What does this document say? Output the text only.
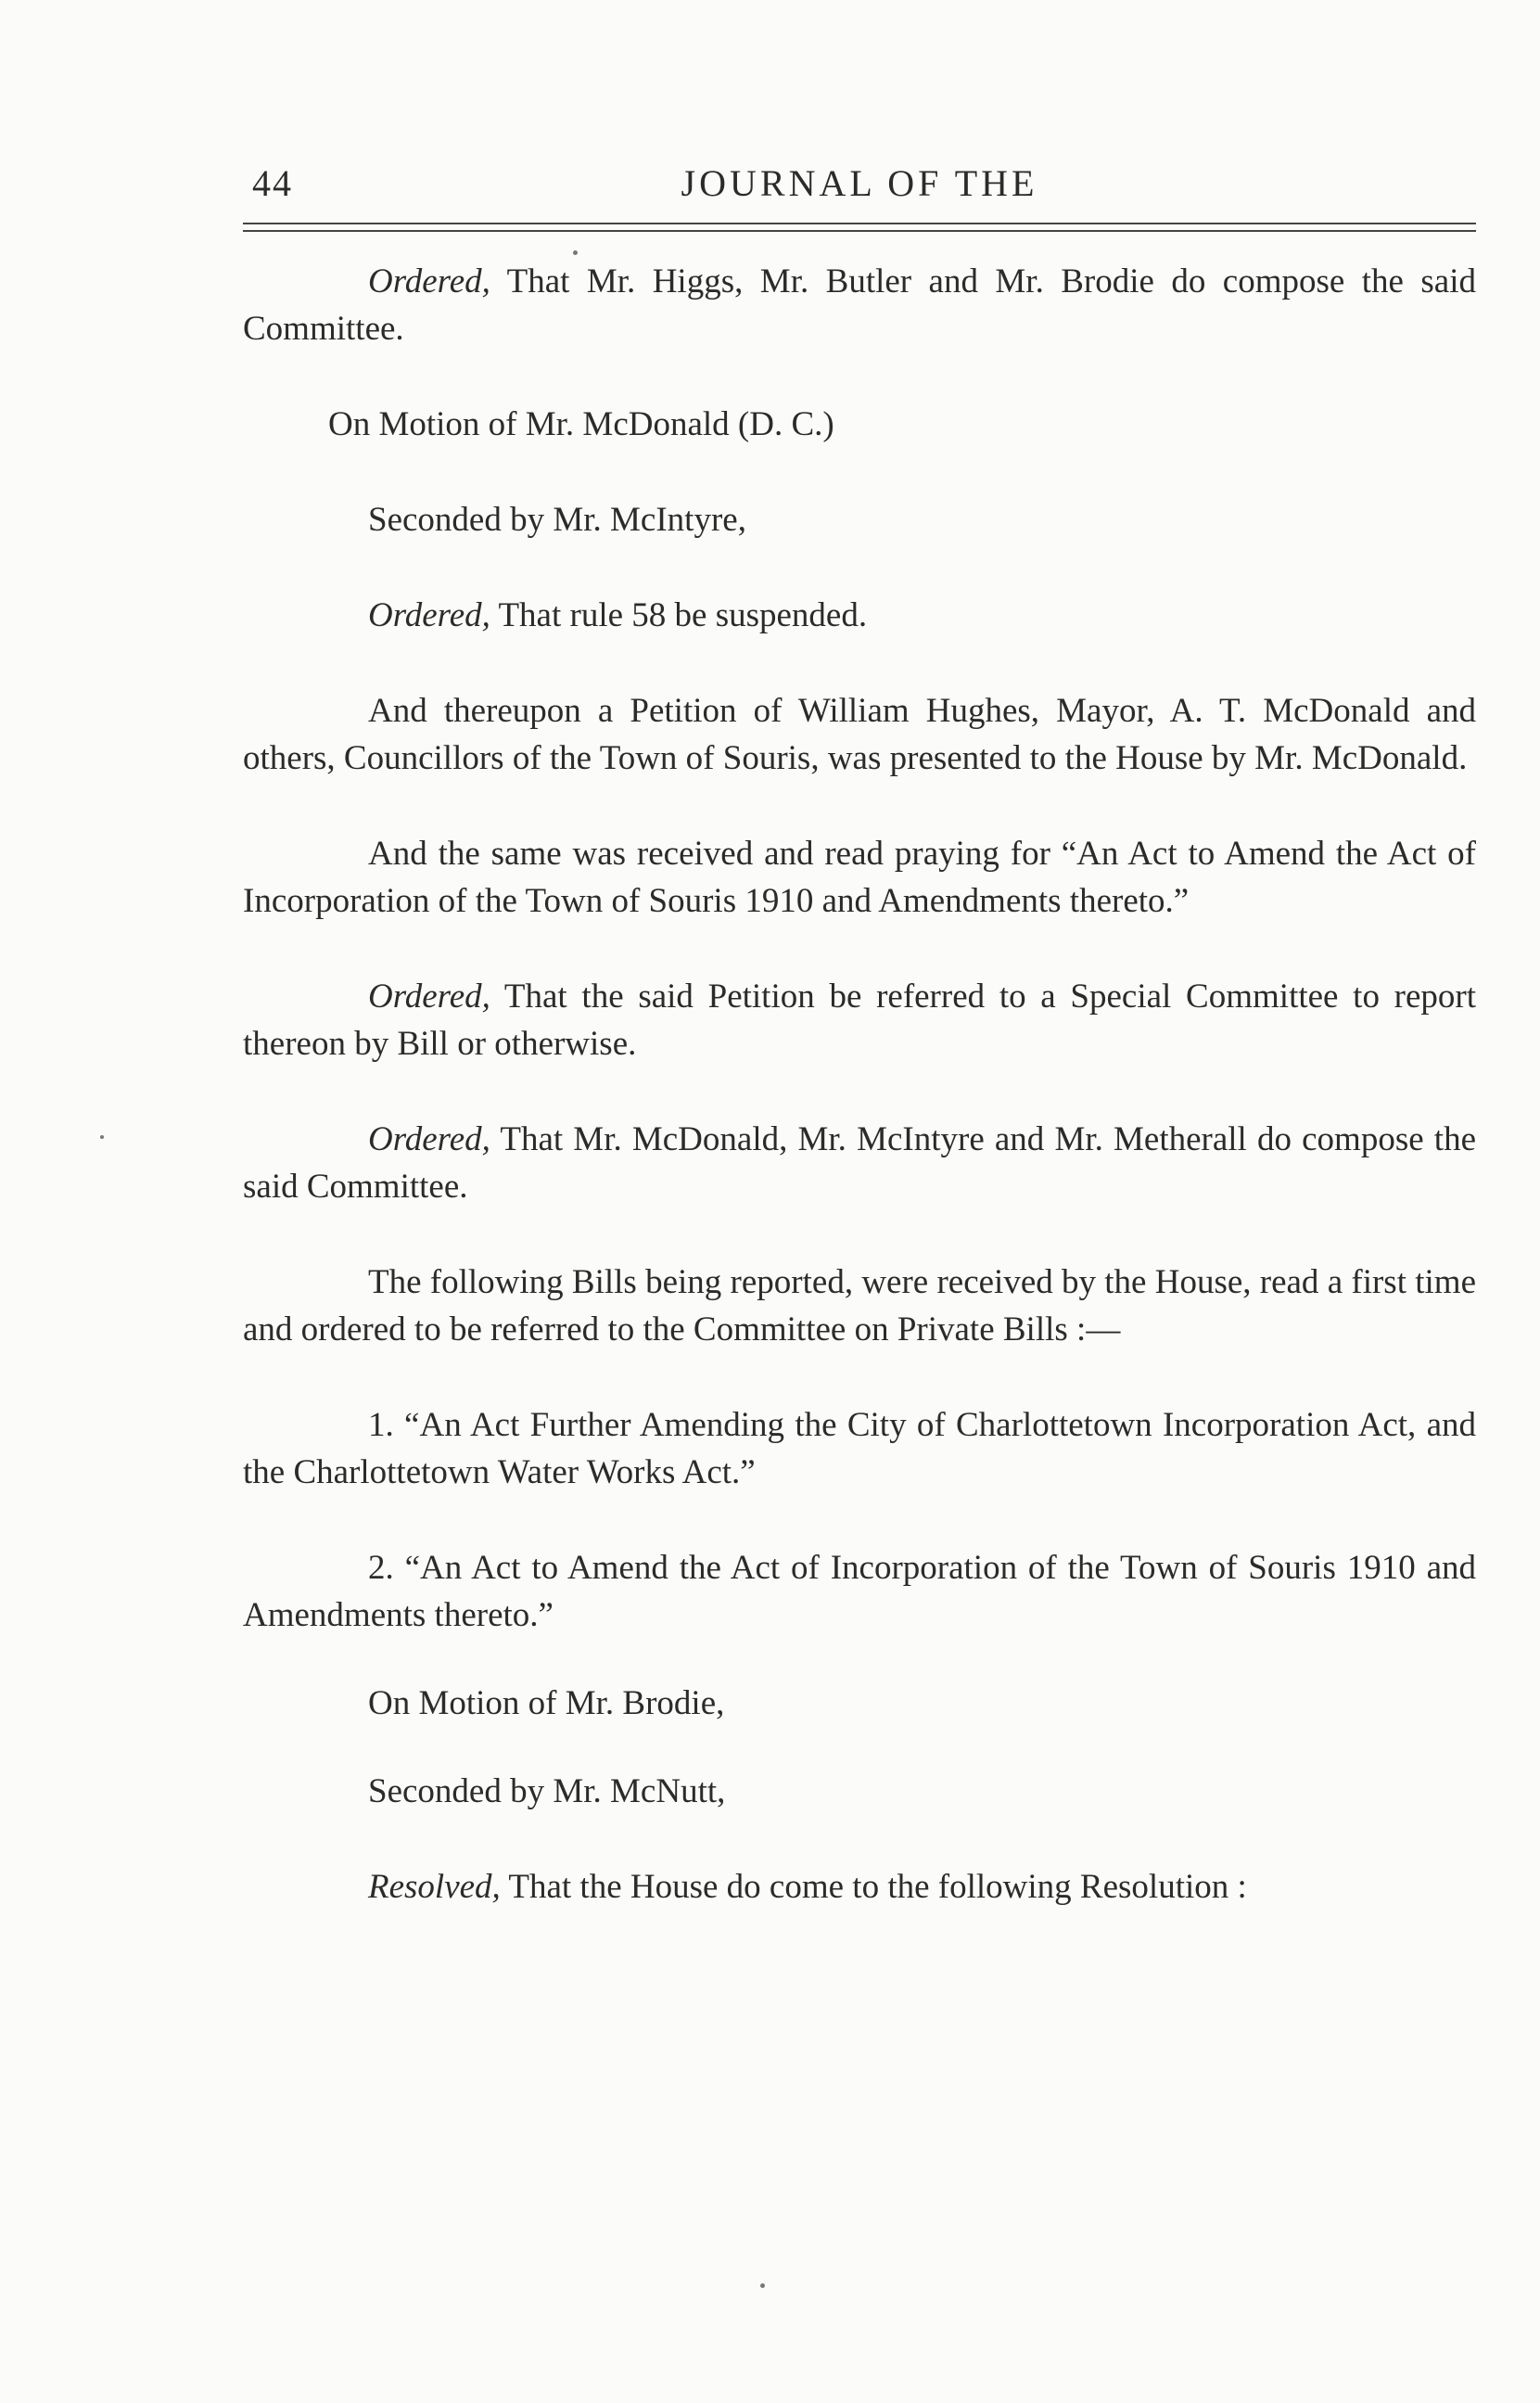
44	JOURNAL OF THE

Ordered, That Mr. Higgs, Mr. Butler and Mr. Brodie do compose the said Committee.

On Motion of Mr. McDonald (D. C.)

Seconded by Mr. McIntyre,

Ordered, That rule 58 be suspended.

And thereupon a Petition of William Hughes, Mayor, A. T. McDonald and others, Councillors of the Town of Souris, was presented to the House by Mr. McDonald.

And the same was received and read praying for “An Act to Amend the Act of Incorporation of the Town of Souris 1910 and Amendments thereto.”

Ordered, That the said Petition be referred to a Special Committee to report thereon by Bill or otherwise.

Ordered, That Mr. McDonald, Mr. McIntyre and Mr. Metherall do compose the said Committee.

The following Bills being reported, were received by the House, read a first time and ordered to be referred to the Committee on Private Bills :—

1. “An Act Further Amending the City of Charlottetown Incorporation Act, and the Charlottetown Water Works Act.”

2. “An Act to Amend the Act of Incorporation of the Town of Souris 1910 and Amendments thereto.”

On Motion of Mr. Brodie,

Seconded by Mr. McNutt,

Resolved, That the House do come to the following Resolution :
